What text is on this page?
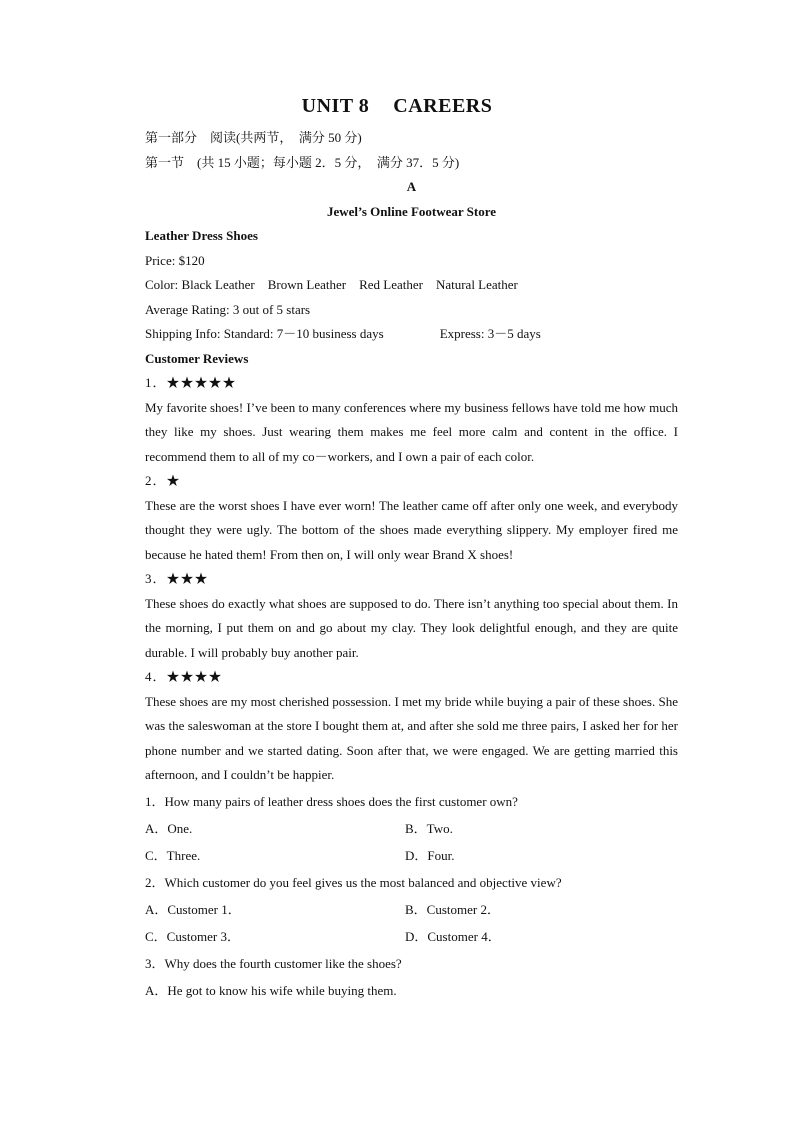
UNIT 8 CAREERS
第一部分　阅读(共两节，　满分 50 分)
第一节　(共 15 小题；每小题 2．5 分，　满分 37．5 分)
A
Jewel’s Online Footwear Store
Leather Dress Shoes
Price: $120
Color: Black Leather　Brown Leather　Red Leather　Natural Leather
Average Rating: 3 out of 5 stars
Shipping Info: Standard: 7－10 business days	Express: 3－5 days
Customer Reviews
1．★★★★★
My favorite shoes! I’ve been to many conferences where my business fellows have told me how much they like my shoes. Just wearing them makes me feel more calm and content in the office. I recommend them to all of my co－workers, and I own a pair of each color.
2．★
These are the worst shoes I have ever worn! The leather came off after only one week, and everybody thought they were ugly. The bottom of the shoes made everything slippery. My employer fired me because he hated them! From then on, I will only wear Brand X shoes!
3．★★★
These shoes do exactly what shoes are supposed to do. There isn’t anything too special about them. In the morning, I put them on and go about my clay. They look delightful enough, and they are quite durable. I will probably buy another pair.
4．★★★★
These shoes are my most cherished possession. I met my bride while buying a pair of these shoes. She was the saleswoman at the store I bought them at, and after she sold me three pairs, I asked her for her phone number and we started dating. Soon after that, we were engaged. We are getting married this afternoon, and I couldn’t be happier.
1．How many pairs of leather dress shoes does the first customer own?
A．One.	B．Two.
C．Three.	D．Four.
2．Which customer do you feel gives us the most balanced and objective view?
A．Customer 1．	B．Customer 2．
C．Customer 3．	D．Customer 4．
3．Why does the fourth customer like the shoes?
A．He got to know his wife while buying them.
